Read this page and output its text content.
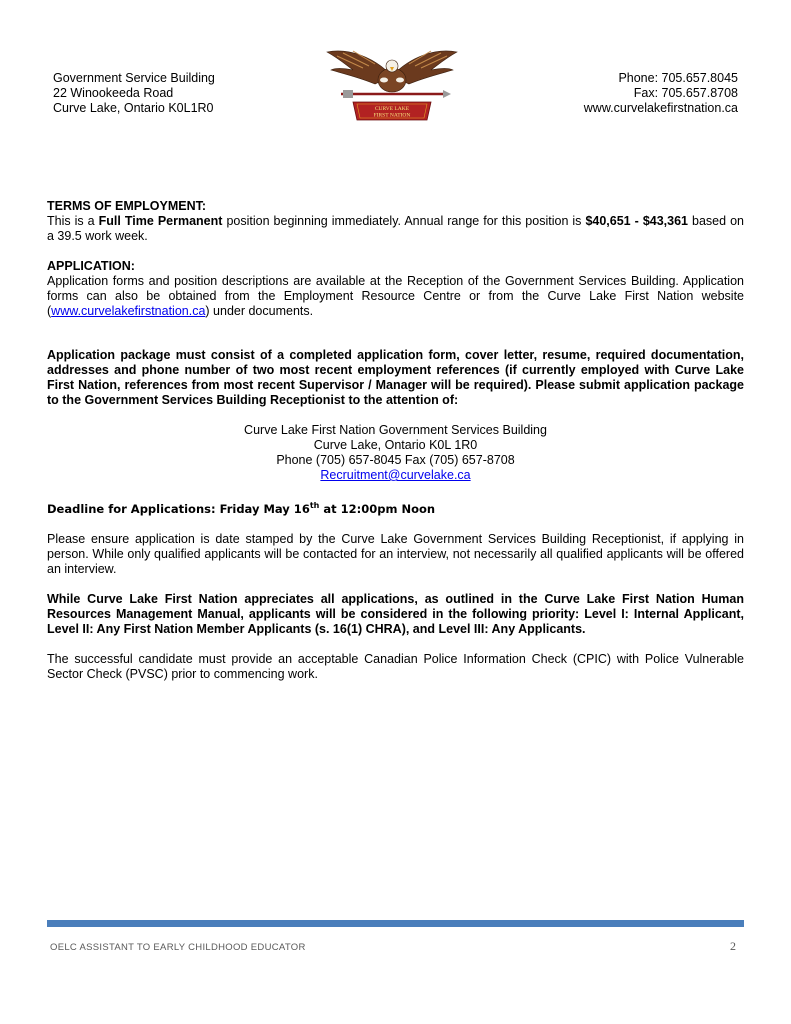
Government Service Building
22 Winookeeda Road
Curve Lake, Ontario K0L1R0	CURVE LAKE
FIRST NATION
Phone: 705.657.8045
Fax: 705.657.8708
www.curvelakefirstnation.ca

TERMS OF EMPLOYMENT:

This is a Full Time Permanent position beginning immediately. Annual range for this position is $40,651 - $43,361 based on a 39.5 work week.

APPLICATION:

Application forms and position descriptions are available at the Reception of the Government Services Building. Application forms can also be obtained from the Employment Resource Centre or from the Curve Lake First Nation website (www.curvelakefirstnation.ca) under documents.

Application package must consist of a completed application form, cover letter, resume, required documentation, addresses and phone number of two most recent employment references (if currently employed with Curve Lake First Nation, references from most recent Supervisor / Manager will be required). Please submit application package to the Government Services Building Receptionist to the attention of:

Curve Lake First Nation Government Services Building

Curve Lake, Ontario K0L 1R0

Phone (705) 657-8045 Fax (705) 657-8708

Recruitment@curvelake.ca

Deadline for Applications: Friday May 16th at 12:00pm Noon

Please ensure application is date stamped by the Curve Lake Government Services Building Receptionist, if applying in person. While only qualified applicants will be contacted for an interview, not necessarily all qualified applicants will be offered an interview.

While Curve Lake First Nation appreciates all applications, as outlined in the Curve Lake First Nation Human Resources Management Manual, applicants will be considered in the following priority: Level I: Internal Applicant, Level II: Any First Nation Member Applicants (s. 16(1) CHRA), and Level III: Any Applicants.

The successful candidate must provide an acceptable Canadian Police Information Check (CPIC) with Police Vulnerable Sector Check (PVSC) prior to commencing work.

OELC ASSISTANT TO EARLY CHILDHOOD EDUCATOR	2
